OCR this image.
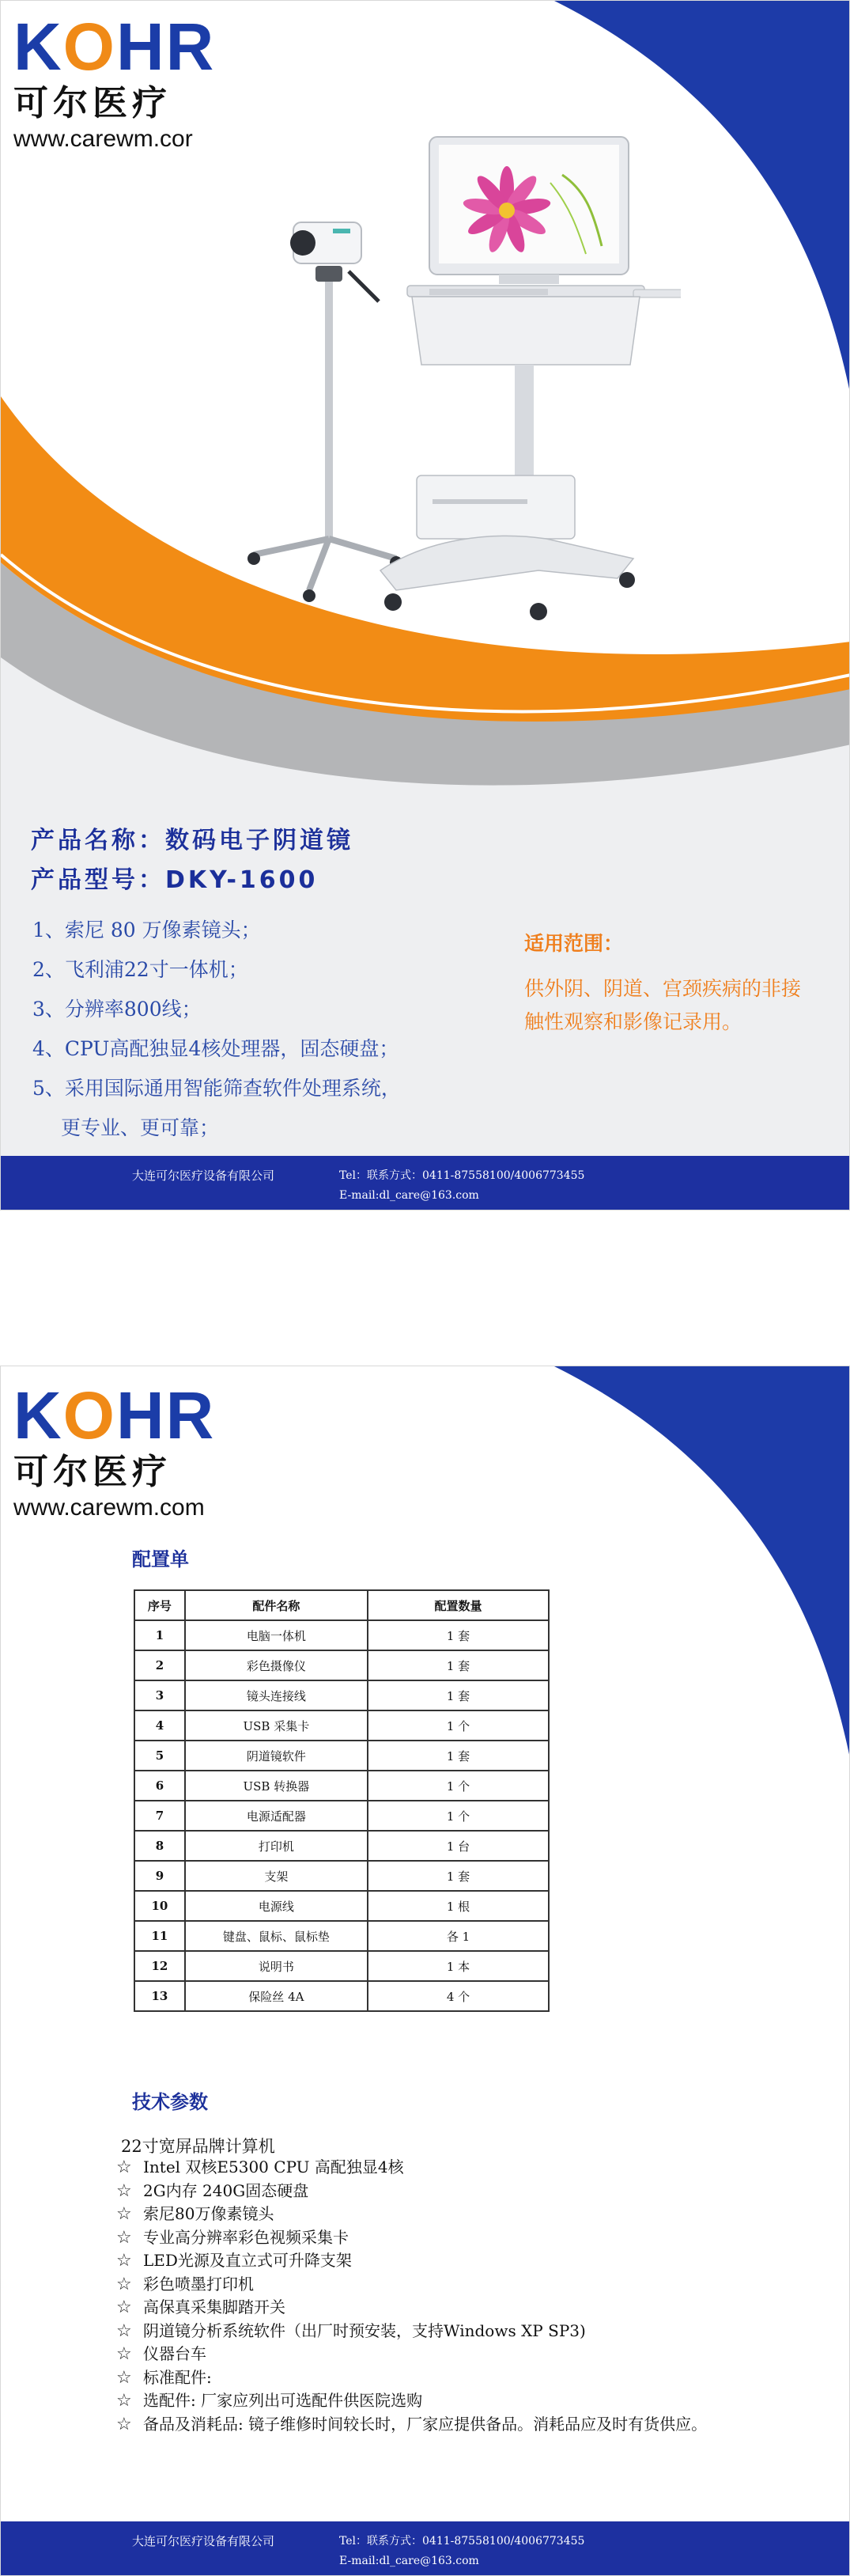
KOHR
可尔医疗
www.carewm.cor
产品名称：数码电子阴道镜
产品型号：DKY-1600
1、索尼 80 万像素镜头；
2、飞利浦22寸一体机；
3、分辨率800线；
4、CPU高配独显4核处理器，固态硬盘；
5、采用国际通用智能筛查软件处理系统，
更专业、更可靠；
适用范围：
供外阴、阴道、宫颈疾病的非接触性观察和影像记录用。
大连可尔医疗设备有限公司	Tel：联系方式：0411-87558100/4006773455
E-mail:dl_care@163.com
KOHR
可尔医疗
www.carewm.com
配置单
序号	配件名称	配置数量
1	电脑一体机	1 套
2	彩色摄像仪	1 套
3	镜头连接线	1 套
4	USB 采集卡	1 个
5	阴道镜软件	1 套
6	USB 转换器	1 个
7	电源适配器	1 个
8	打印机	1 台
9	支架	1 套
10	电源线	1 根
11	键盘、鼠标、鼠标垫	各 1
12	说明书	1 本
13	保险丝 4A	4 个
技术参数
22寸宽屏品牌计算机
☆ Intel 双核E5300 CPU 高配独显4核
☆ 2G内存 240G固态硬盘
☆ 索尼80万像素镜头
☆ 专业高分辨率彩色视频采集卡
☆ LED光源及直立式可升降支架
☆ 彩色喷墨打印机
☆ 高保真采集脚踏开关
☆ 阴道镜分析系统软件（出厂时预安装，支持Windows XP SP3)
☆ 仪器台车
☆ 标准配件:
☆ 选配件: 厂家应列出可选配件供医院选购
☆ 备品及消耗品: 镜子维修时间较长时，厂家应提供备品。消耗品应及时有货供应。
大连可尔医疗设备有限公司	Tel：联系方式：0411-87558100/4006773455
E-mail:dl_care@163.com
